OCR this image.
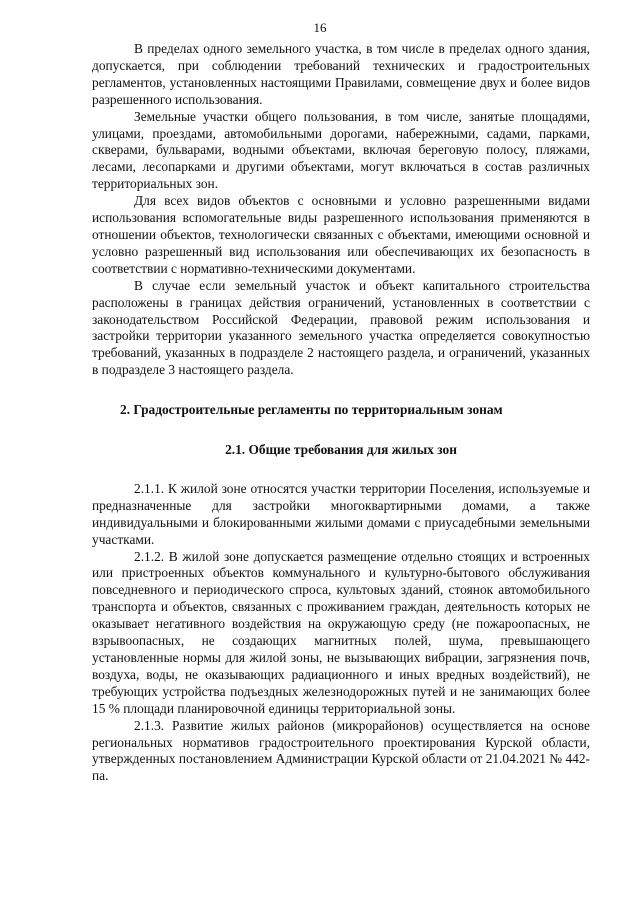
16

В пределах одного земельного участка, в том числе в пределах одного здания, допускается, при соблюдении требований технических и градостроительных регламентов, установленных настоящими Правилами, совмещение двух и более видов разрешенного использования.

Земельные участки общего пользования, в том числе, занятые площадями, улицами, проездами, автомобильными дорогами, набережными, садами, парками, скверами, бульварами, водными объектами, включая береговую полосу, пляжами, лесами, лесопарками и другими объектами, могут включаться в состав различных территориальных зон.

Для всех видов объектов с основными и условно разрешенными видами использования вспомогательные виды разрешенного использования применяются в отношении объектов, технологически связанных с объектами, имеющими основной и условно разрешенный вид использования или обеспечивающих их безопасность в соответствии с нормативно-техническими документами.

В случае если земельный участок и объект капитального строительства расположены в границах действия ограничений, установленных в соответствии с законодательством Российской Федерации, правовой режим использования и застройки территории указанного земельного участка определяется совокупностью требований, указанных в подразделе 2 настоящего раздела, и ограничений, указанных в подразделе 3 настоящего раздела.

2. Градостроительные регламенты по территориальным зонам
2.1. Общие требования для жилых зон

2.1.1. К жилой зоне относятся участки территории Поселения, используемые и предназначенные для застройки многоквартирными домами, а также индивидуальными и блокированными жилыми домами с приусадебными земельными участками.

2.1.2. В жилой зоне допускается размещение отдельно стоящих и встроенных или пристроенных объектов коммунального и культурно-бытового обслуживания повседневного и периодического спроса, культовых зданий, стоянок автомобильного транспорта и объектов, связанных с проживанием граждан, деятельность которых не оказывает негативного воздействия на окружающую среду (не пожароопасных, не взрывоопасных, не создающих магнитных полей, шума, превышающего установленные нормы для жилой зоны, не вызывающих вибрации, загрязнения почв, воздуха, воды, не оказывающих радиационного и иных вредных воздействий), не требующих устройства подъездных железнодорожных путей и не занимающих более 15 % площади планировочной единицы территориальной зоны.

2.1.3. Развитие жилых районов (микрорайонов) осуществляется на основе региональных нормативов градостроительного проектирования Курской области, утвержденных постановлением Администрации Курской области от 21.04.2021 № 442-па.
